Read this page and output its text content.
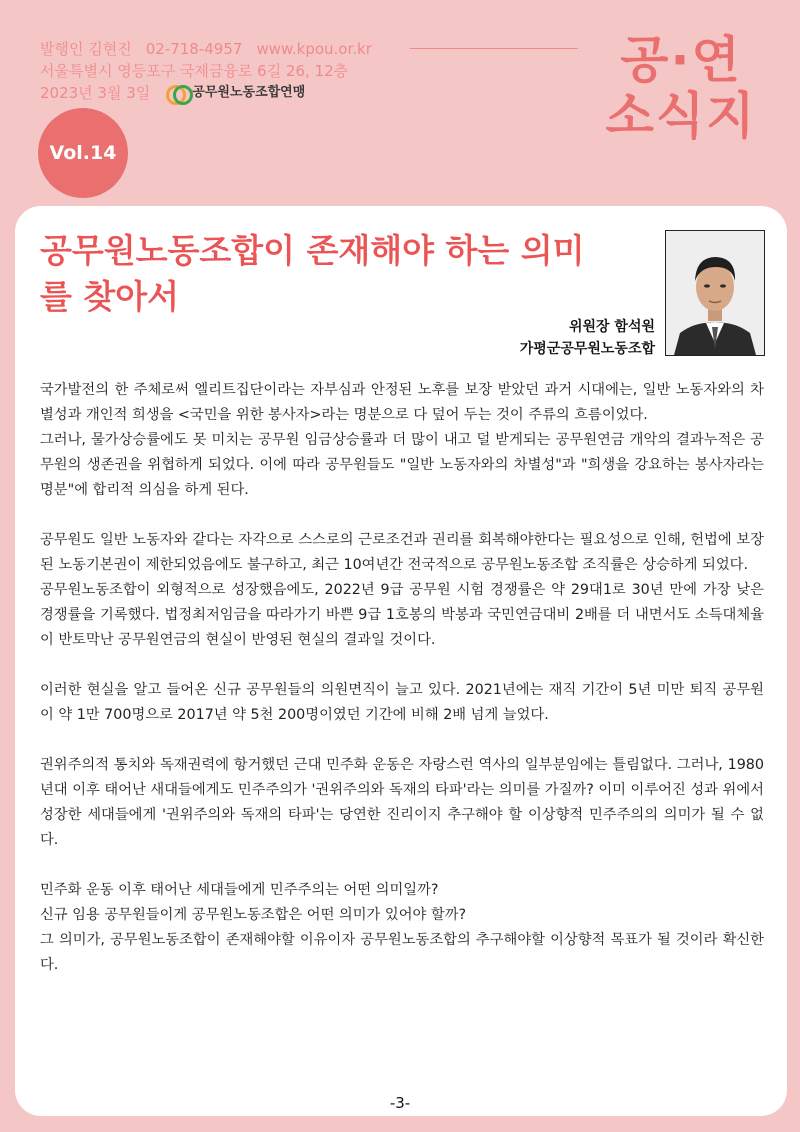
발행인 김현진 02-718-4957 www.kpou.or.kr
서울특별시 영등포구 국제금융로 6길 26, 12층
2023년 3월 3일	공무원노동조합연맹
공·연
소식지
Vol.14
공무원노동조합이 존재해야 하는 의미를 찾아서
위원장 함석원
가평군공무원노동조합

국가발전의 한 주체로써 엘리트집단이라는 자부심과 안정된 노후를 보장 받았던 과거 시대에는, 일반 노동자와의 차별성과 개인적 희생을 <국민을 위한 봉사자>라는 명분으로 다 덮어 두는 것이 주류의 흐름이었다.

그러나, 물가상승률에도 못 미치는 공무원 임금상승률과 더 많이 내고 덜 받게되는 공무원연금 개악의 결과누적은 공무원의 생존권을 위협하게 되었다. 이에 따라 공무원들도 "일반 노동자와의 차별성"과 "희생을 강요하는 봉사자라는 명분"에 합리적 의심을 하게 된다.

공무원도 일반 노동자와 같다는 자각으로 스스로의 근로조건과 권리를 회복해야한다는 필요성으로 인해, 헌법에 보장된 노동기본권이 제한되었음에도 불구하고, 최근 10여년간 전국적으로 공무원노동조합 조직률은 상승하게 되었다.

공무원노동조합이 외형적으로 성장했음에도, 2022년 9급 공무원 시험 경쟁률은 약 29대1로 30년 만에 가장 낮은 경쟁률을 기록했다. 법정최저임금을 따라가기 바쁜 9급 1호봉의 박봉과 국민연금대비 2배를 더 내면서도 소득대체율이 반토막난 공무원연금의 현실이 반영된 현실의 결과일 것이다.

이러한 현실을 알고 들어온 신규 공무원들의 의원면직이 늘고 있다. 2021년에는 재직 기간이 5년 미만 퇴직 공무원이 약 1만 700명으로 2017년 약 5천 200명이였던 기간에 비해 2배 넘게 늘었다.

권위주의적 통치와 독재권력에 항거했던 근대 민주화 운동은 자랑스런 역사의 일부분임에는 틀림없다. 그러나, 1980년대 이후 태어난 새대들에게도 민주주의가 '권위주의와 독재의 타파'라는 의미를 가질까? 이미 이루어진 성과 위에서 성장한 세대들에게 '권위주의와 독재의 타파'는 당연한 진리이지 추구해야 할 이상향적 민주주의의 의미가 될 수 없다.

민주화 운동 이후 태어난 세대들에게 민주주의는 어떤 의미일까?

신규 임용 공무원들이게 공무원노동조합은 어떤 의미가 있어야 할까?

그 의미가, 공무원노동조합이 존재해야할 이유이자 공무원노동조합의 추구해야할 이상향적 목표가 될 것이라 확신한다.

-3-
